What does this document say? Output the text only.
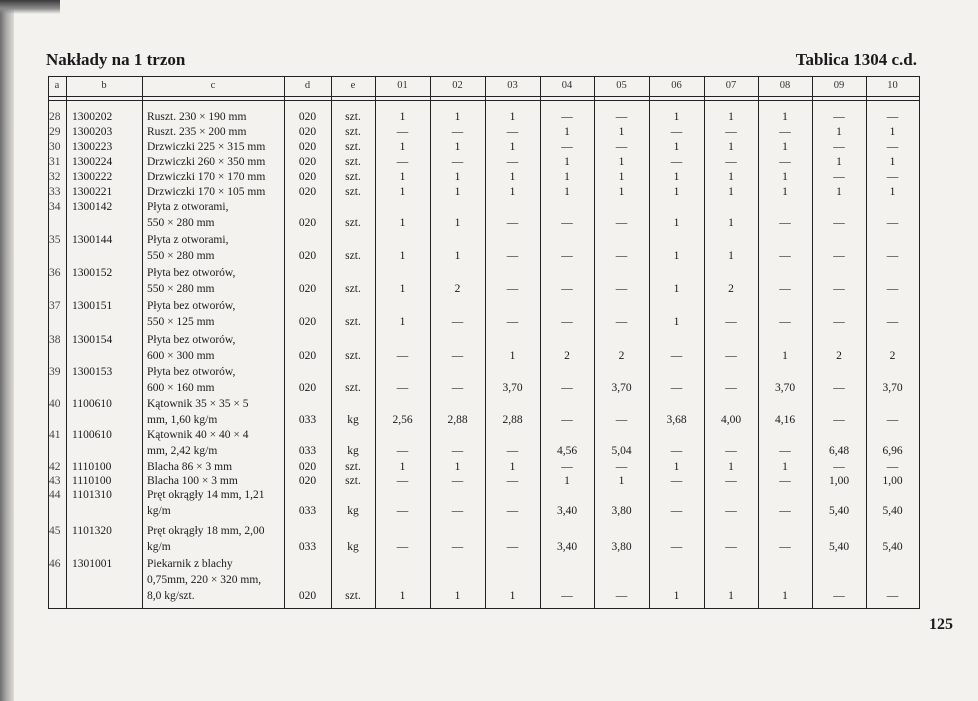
Nakłady na 1 trzon	Tablica 1304 c.d.
a	b	c	d	e	01	02	03	04	05	06	07	08	09	10
28	1300202	Ruszt. 230 × 190 mm	020	szt.	1	1	1	—	—	1	1	1	—	—
29	1300203	Ruszt. 235 × 200 mm	020	szt.	—	—	—	1	1	—	—	—	1	1
30	1300223	Drzwiczki 225 × 315 mm	020	szt.	1	1	1	—	—	1	1	1	—	—
31	1300224	Drzwiczki 260 × 350 mm	020	szt.	—	—	—	1	1	—	—	—	1	1
32	1300222	Drzwiczki 170 × 170 mm	020	szt.	1	1	1	1	1	1	1	1	—	—
33	1300221	Drzwiczki 170 × 105 mm	020	szt.	1	1	1	1	1	1	1	1	1	1
34	1300142	Płyta z otworami,
550 × 280 mm	020	szt.	1	1	—	—	—	1	1	—	—	—
35	1300144	Płyta z otworami,
550 × 280 mm	020	szt.	1	1	—	—	—	1	1	—	—	—
36	1300152	Płyta bez otworów,
550 × 280 mm	020	szt.	1	2	—	—	—	1	2	—	—	—
37	1300151	Płyta bez otworów,
550 × 125 mm	020	szt.	1	—	—	—	—	1	—	—	—	—
38	1300154	Płyta bez otworów,
600 × 300 mm	020	szt.	—	—	1	2	2	—	—	1	2	2
39	1300153	Płyta bez otworów,
600 × 160 mm	020	szt.	—	—	3,70	—	3,70	—	—	3,70	—	3,70
40	1100610	Kątownik 35 × 35 × 5
mm, 1,60 kg/m	033	kg	2,56	2,88	2,88	—	—	3,68	4,00	4,16	—	—
41	1100610	Kątownik 40 × 40 × 4
mm, 2,42 kg/m	033	kg	—	—	—	4,56	5,04	—	—	—	6,48	6,96
42	1110100	Blacha 86 × 3 mm	020	szt.	1	1	1	—	—	1	1	1	—	—
43	1110100	Blacha 100 × 3 mm	020	szt.	—	—	—	1	1	—	—	—	1,00	1,00
44	1101310	Pręt okrągły 14 mm, 1,21
kg/m	033	kg	—	—	—	3,40	3,80	—	—	—	5,40	5,40
45	1101320	Pręt okrągły 18 mm, 2,00
kg/m	033	kg	—	—	—	3,40	3,80	—	—	—	5,40	5,40
46	1301001	Piekarnik z blachy
0,75mm, 220 × 320 mm,
8,0 kg/szt.	020	szt.	1	1	1	—	—	1	1	1	—	—
125
